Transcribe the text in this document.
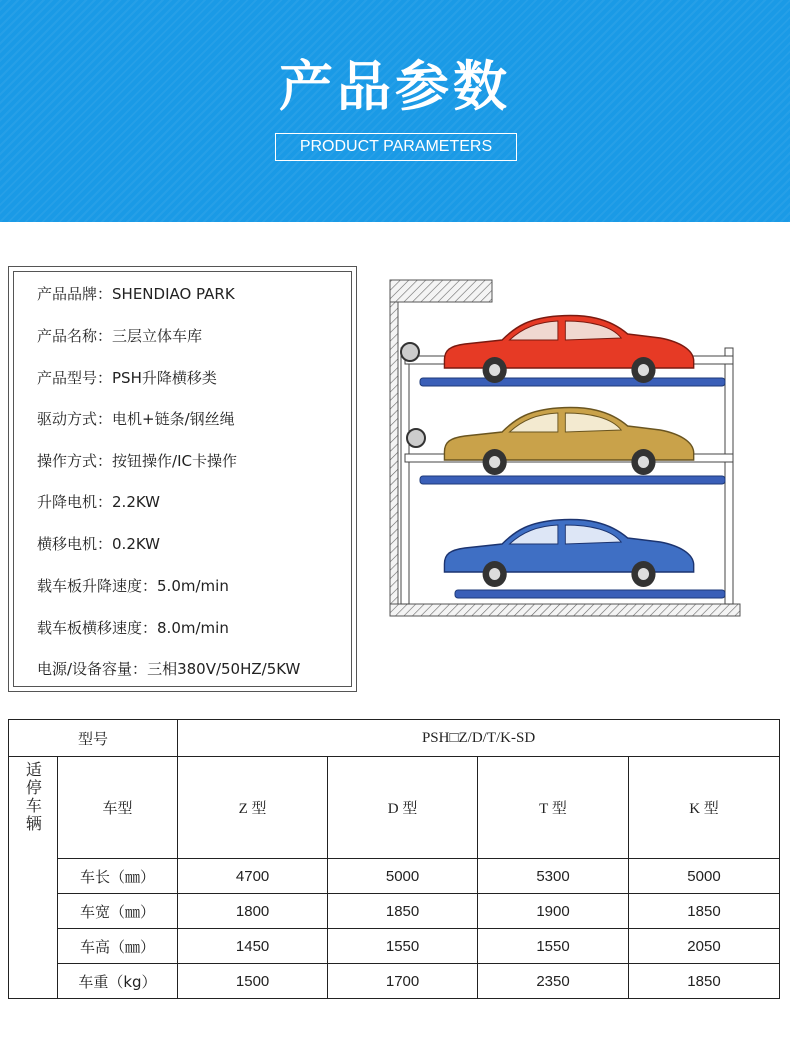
产品参数
PRODUCT PARAMETERS
产品品牌：SHENDIAO PARK
产品名称：三层立体车库
产品型号：PSH升降横移类
驱动方式：电机+链条/钢丝绳
操作方式：按钮操作/IC卡操作
升降电机：2.2KW
横移电机：0.2KW
载车板升降速度：5.0m/min
载车板横移速度：8.0m/min
电源/设备容量：三相380V/50HZ/5KW
型号		PSH□Z/D/T/K-SD			
适停车辆	车型	Z 型	D 型	T 型	K 型
	车长（㎜）	4700	5000	5300	5000
	车宽（㎜）	1800	1850	1900	1850
	车高（㎜）	1450	1550	1550	2050
	车重（kg）	1500	1700	2350	1850
